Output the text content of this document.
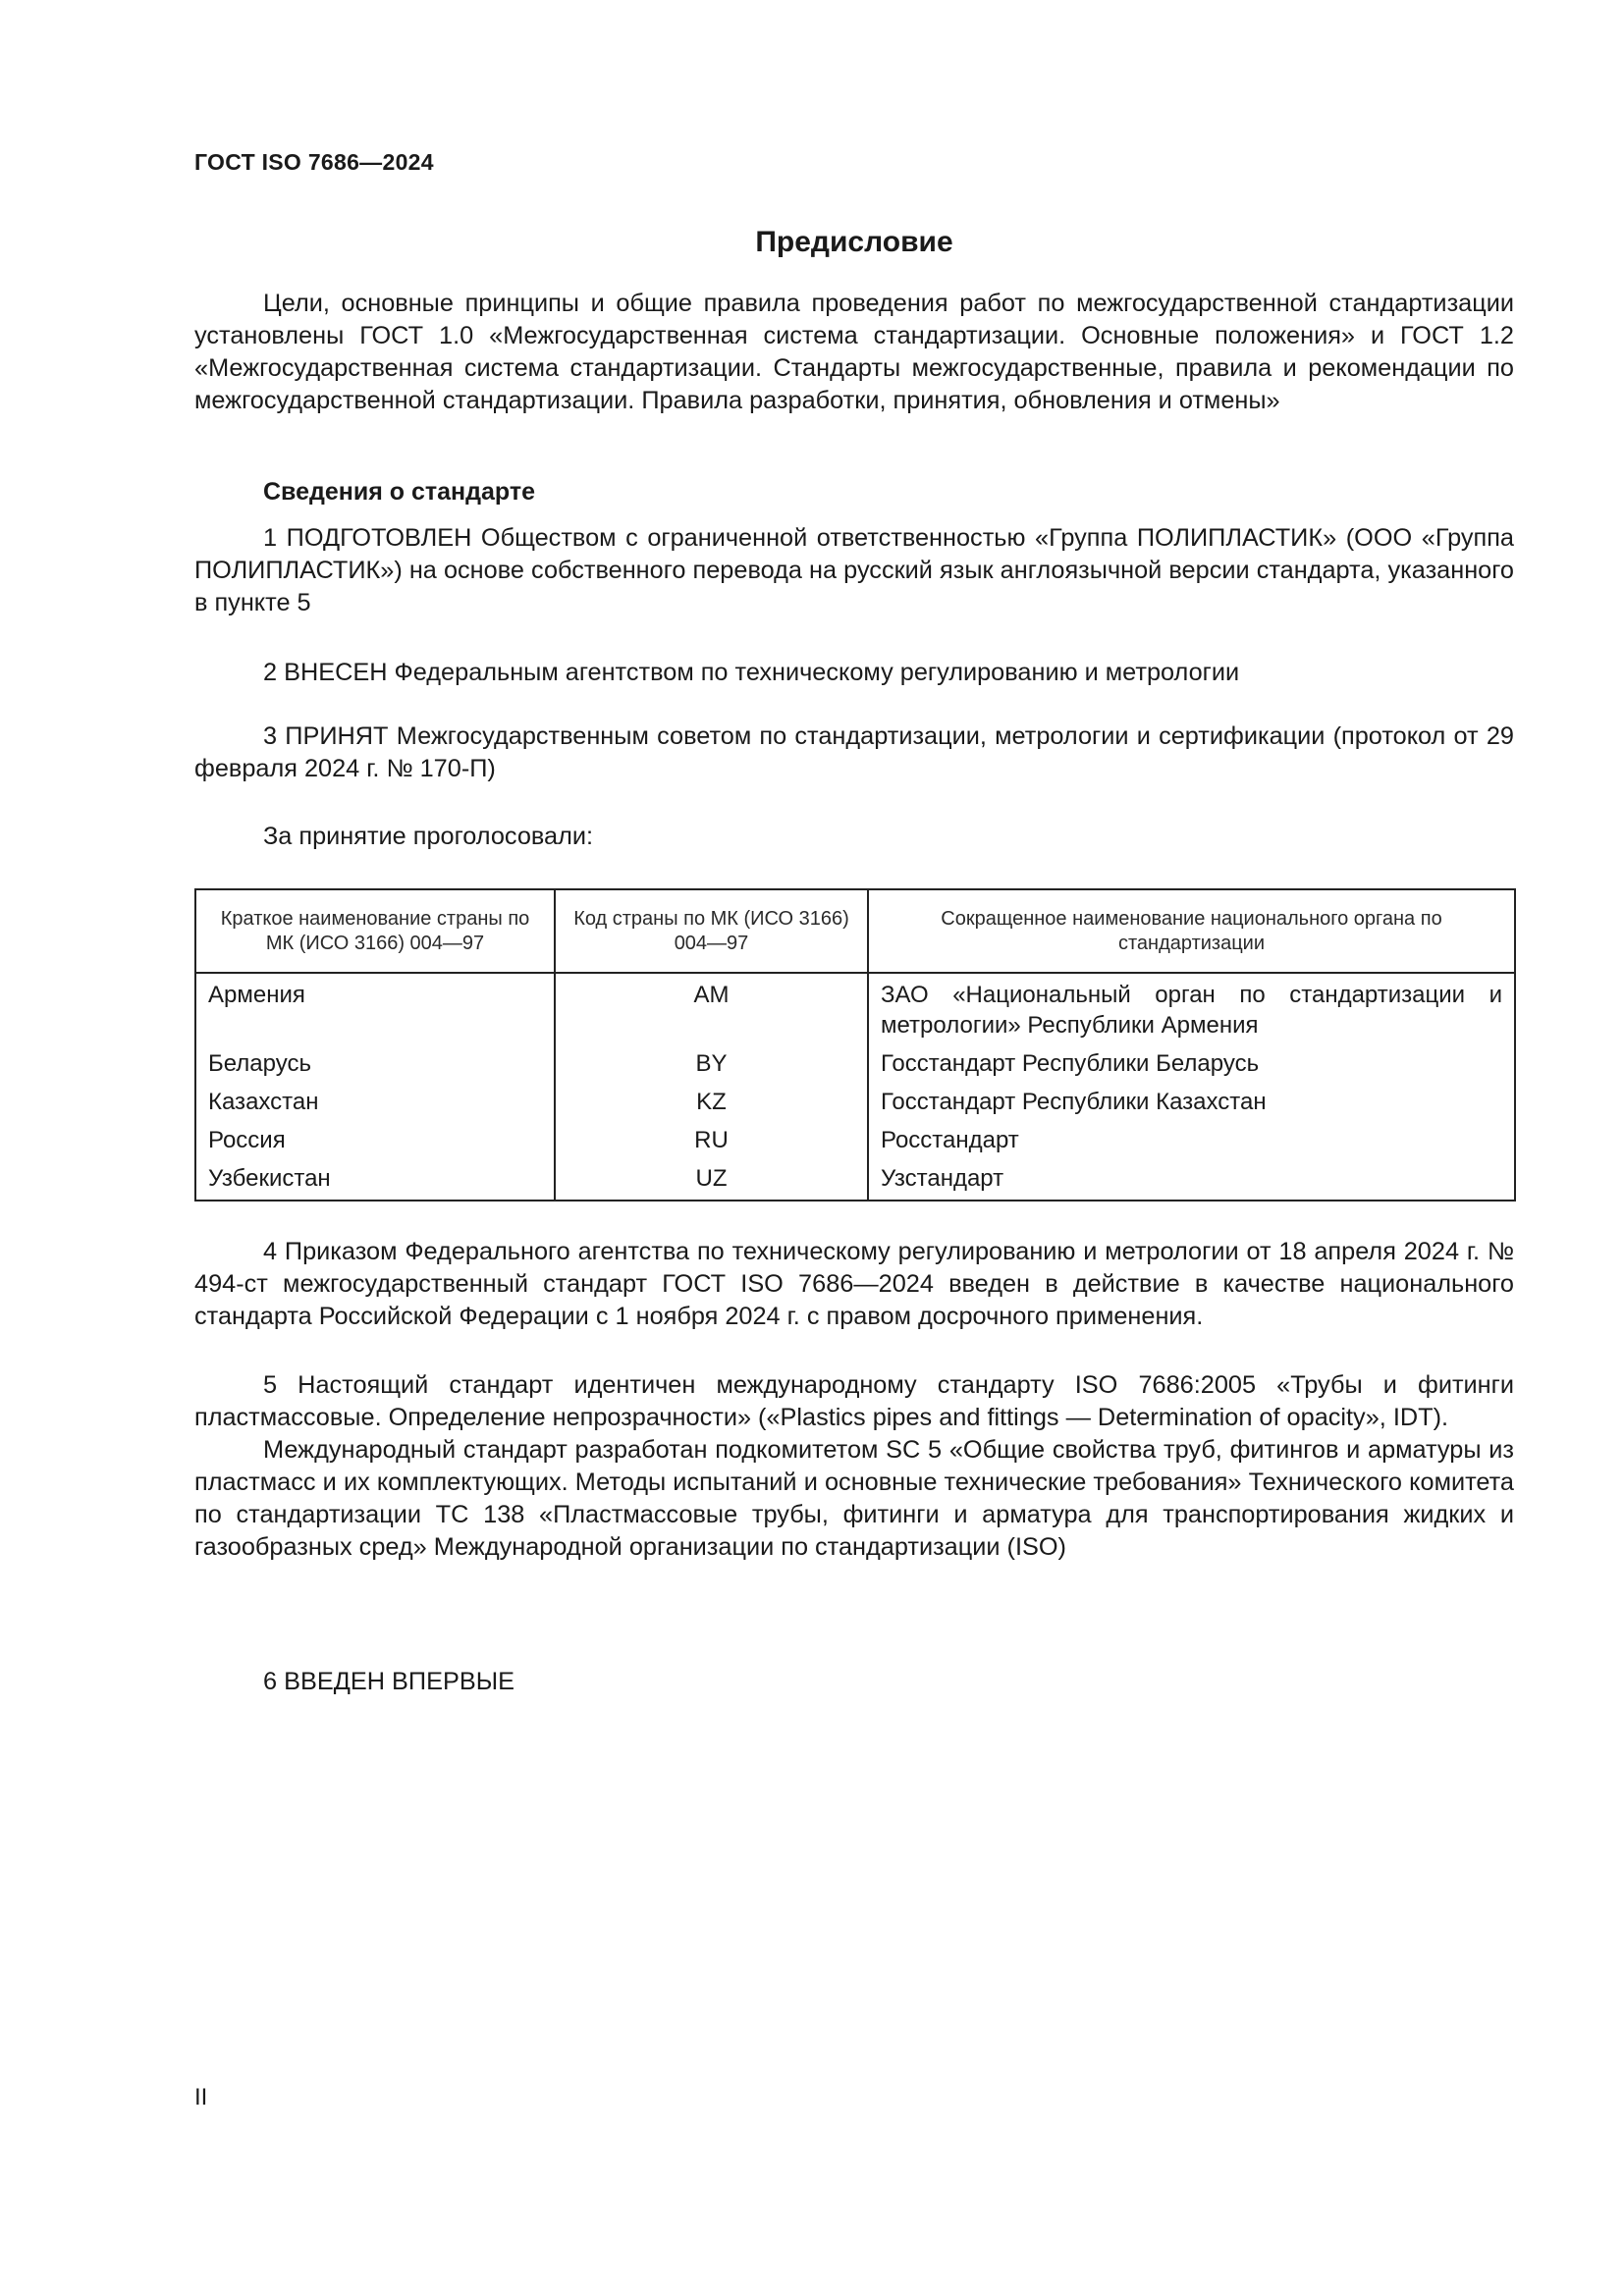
ГОСТ ISO 7686—2024
Предисловие

Цели, основные принципы и общие правила проведения работ по межгосударственной стандартизации установлены ГОСТ 1.0 «Межгосударственная система стандартизации. Основные положения» и ГОСТ 1.2 «Межгосударственная система стандартизации. Стандарты межгосударственные, правила и рекомендации по межгосударственной стандартизации. Правила разработки, принятия, обновления и отмены»

Сведения о стандарте

1 ПОДГОТОВЛЕН Обществом с ограниченной ответственностью «Группа ПОЛИПЛАСТИК» (ООО «Группа ПОЛИПЛАСТИК») на основе собственного перевода на русский язык англоязычной версии стандарта, указанного в пункте 5

2 ВНЕСЕН Федеральным агентством по техническому регулированию и метрологии

3 ПРИНЯТ Межгосударственным советом по стандартизации, метрологии и сертификации (протокол от 29 февраля 2024 г. № 170-П)

За принятие проголосовали:

Краткое наименование страны по МК (ИСО 3166) 004—97	Код страны по МК (ИСО 3166) 004—97	Сокращенное наименование национального органа по стандартизации
Армения	AM	ЗАО «Национальный орган по стандартизации и метрологии» Республики Армения
Беларусь	BY	Госстандарт Республики Беларусь
Казахстан	KZ	Госстандарт Республики Казахстан
Россия	RU	Росстандарт
Узбекистан	UZ	Узстандарт

4 Приказом Федерального агентства по техническому регулированию и метрологии от 18 апреля 2024 г. № 494-ст межгосударственный стандарт ГОСТ ISO 7686—2024 введен в действие в качестве национального стандарта Российской Федерации с 1 ноября 2024 г. с правом досрочного применения.

5 Настоящий стандарт идентичен международному стандарту ISO 7686:2005 «Трубы и фитинги пластмассовые. Определение непрозрачности» («Plastics pipes and fittings — Determination of opacity», IDT).

Международный стандарт разработан подкомитетом SC 5 «Общие свойства труб, фитингов и арматуры из пластмасс и их комплектующих. Методы испытаний и основные технические требования» Технического комитета по стандартизации ТС 138 «Пластмассовые трубы, фитинги и арматура для транспортирования жидких и газообразных сред» Международной организации по стандартизации (ISO)

6 ВВЕДЕН ВПЕРВЫЕ

II
